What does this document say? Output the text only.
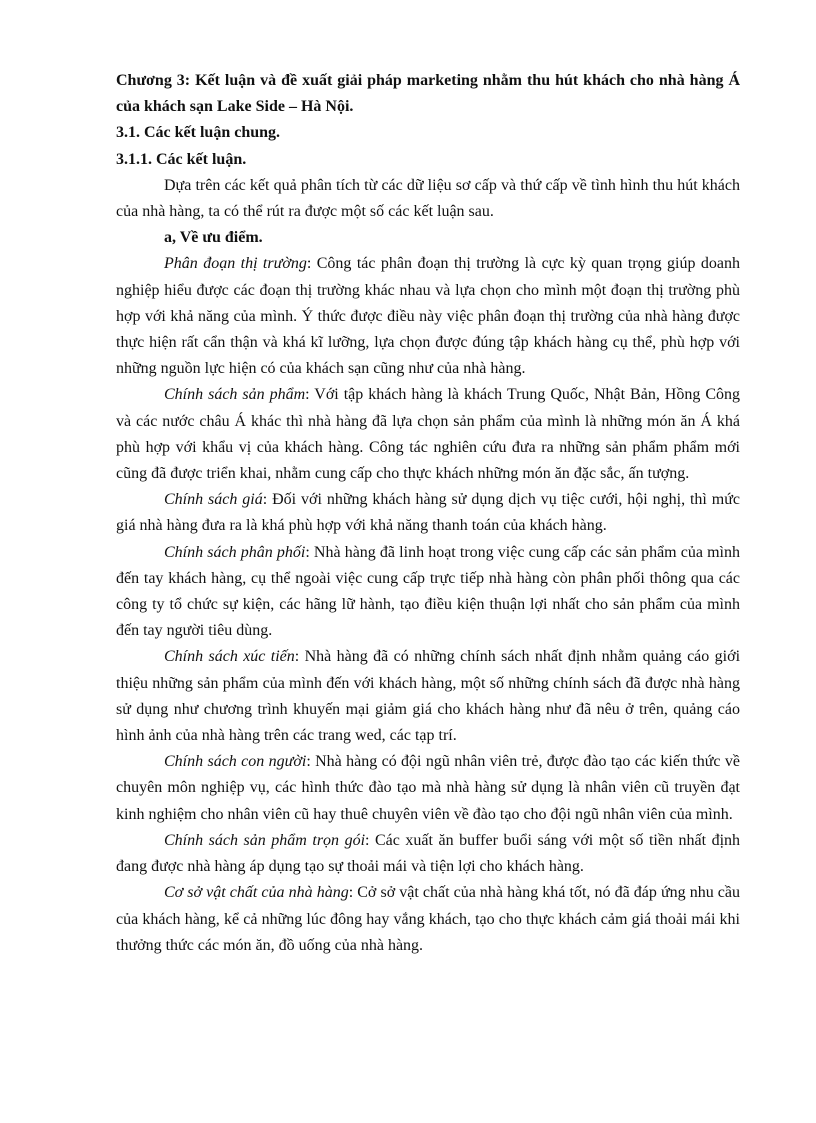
Chương 3: Kết luận và đề xuất giải pháp marketing nhằm thu hút khách cho nhà hàng Á của khách sạn Lake Side – Hà Nội.

3.1. Các kết luận chung.

3.1.1. Các kết luận.

Dựa trên các kết quả phân tích từ các dữ liệu sơ cấp và thứ cấp về tình hình thu hút khách của nhà hàng, ta có thể rút ra được một số các kết luận sau.

a, Về ưu điểm.

Phân đoạn thị trường: Công tác phân đoạn thị trường là cực kỳ quan trọng giúp doanh nghiệp hiểu được các đoạn thị trường khác nhau và lựa chọn cho mình một đoạn thị trường phù hợp với khả năng của mình. Ý thức được điều này việc phân đoạn thị trường của nhà hàng được thực hiện rất cẩn thận và khá kĩ lưỡng, lựa chọn được đúng tập khách hàng cụ thể, phù hợp với những nguồn lực hiện có của khách sạn cũng như của nhà hàng.

Chính sách sản phẩm: Với tập khách hàng là khách Trung Quốc, Nhật Bản, Hồng Công và các nước châu Á khác thì nhà hàng đã lựa chọn sản phẩm của mình là những món ăn Á khá phù hợp với khẩu vị của khách hàng. Công tác nghiên cứu đưa ra những sản phẩm phẩm mới cũng đã được triển khai, nhằm cung cấp cho thực khách những món ăn đặc sắc, ấn tượng.

Chính sách giá: Đối với những khách hàng sử dụng dịch vụ tiệc cưới, hội nghị, thì mức giá nhà hàng đưa ra là khá phù hợp với khả năng thanh toán của khách hàng.

Chính sách phân phối: Nhà hàng đã linh hoạt trong việc cung cấp các sản phẩm của mình đến tay khách hàng, cụ thể ngoài việc cung cấp trực tiếp nhà hàng còn phân phối thông qua các công ty tổ chức sự kiện, các hãng lữ hành, tạo điều kiện thuận lợi nhất cho sản phẩm của mình đến tay người tiêu dùng.

Chính sách xúc tiến: Nhà hàng đã có những chính sách nhất định nhằm quảng cáo giới thiệu những sản phẩm của mình đến với khách hàng, một số những chính sách đã được nhà hàng sử dụng như chương trình khuyến mại giảm giá cho khách hàng như đã nêu ở trên, quảng cáo hình ảnh của nhà hàng trên các trang wed, các tạp trí.

Chính sách con người: Nhà hàng có đội ngũ nhân viên trẻ, được đào tạo các kiến thức về chuyên môn nghiệp vụ, các hình thức đào tạo mà nhà hàng sử dụng là nhân viên cũ truyền đạt kinh nghiệm cho nhân viên cũ hay thuê chuyên viên về đào tạo cho đội ngũ nhân viên của mình.

Chính sách sản phẩm trọn gói: Các xuất ăn buffer buổi sáng với một số tiền nhất định đang được nhà hàng áp dụng tạo sự thoải mái và tiện lợi cho khách hàng.

Cơ sở vật chất của nhà hàng: Cở sở vật chất của nhà hàng khá tốt, nó đã đáp ứng nhu cầu của khách hàng, kể cả những lúc đông hay vắng khách, tạo cho thực khách cảm giá thoải mái khi thưởng thức các món ăn, đồ uống của nhà hàng.
